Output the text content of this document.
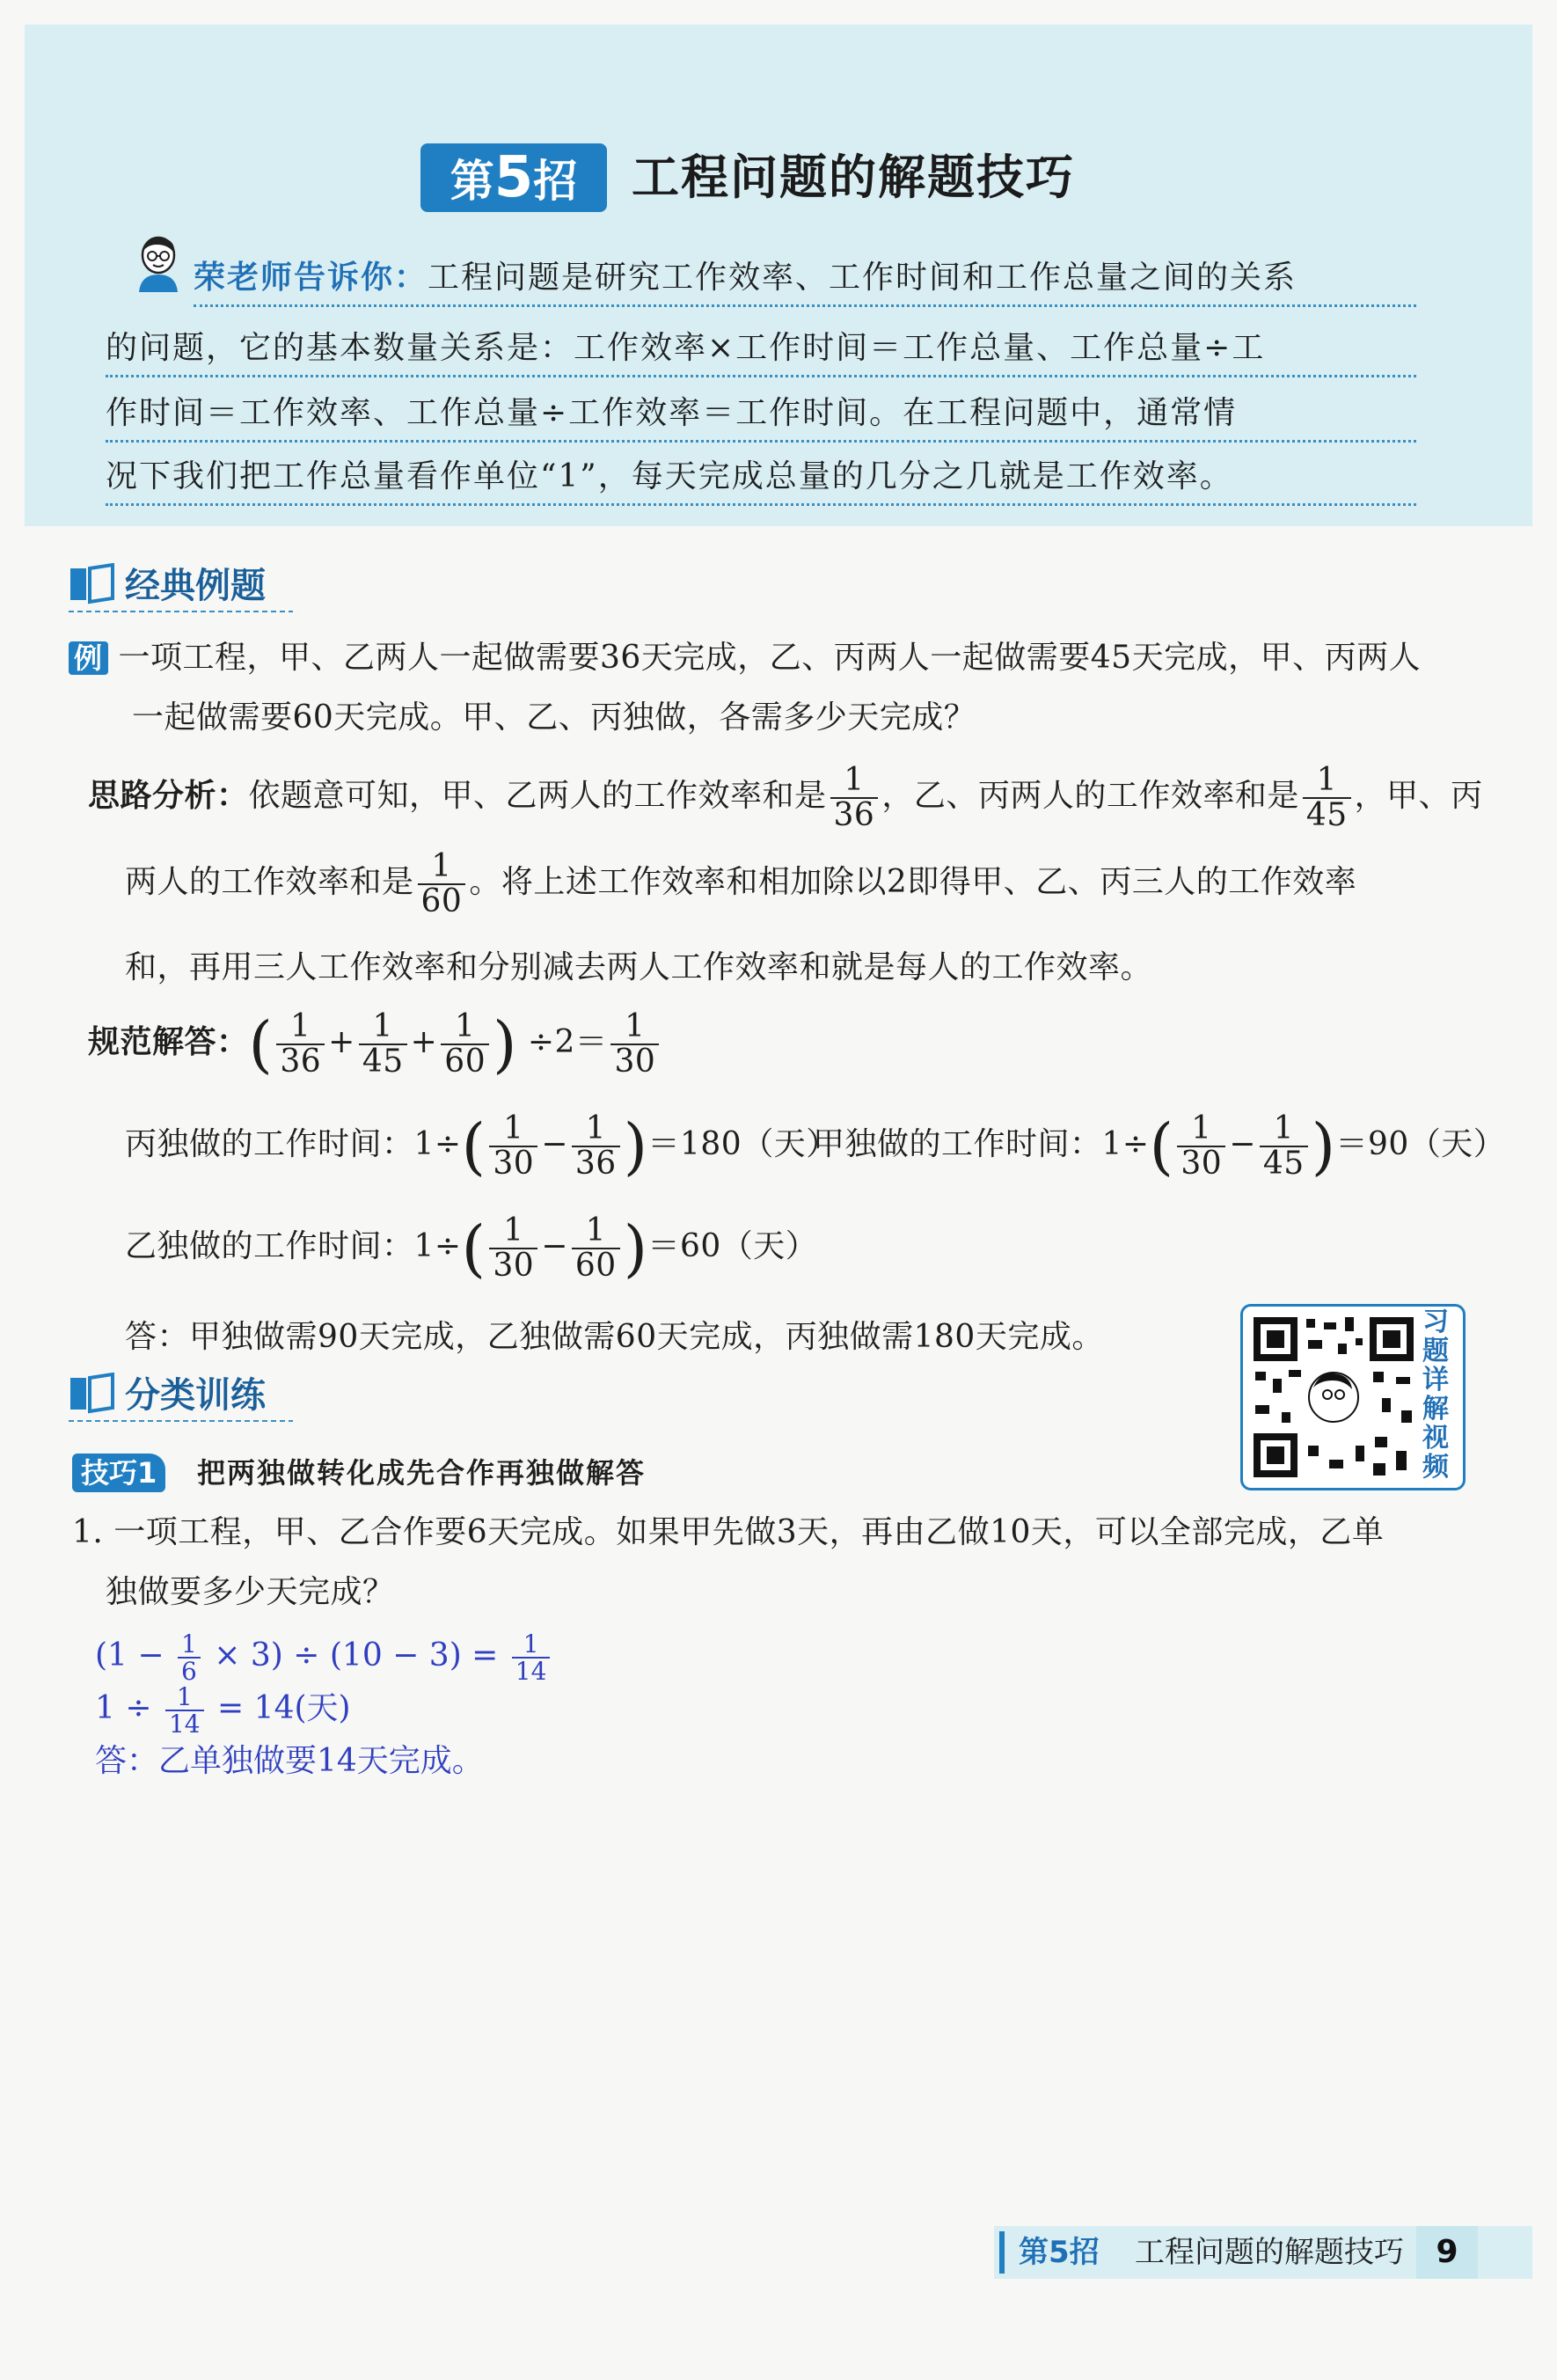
第5招	工程问题的解题技巧
荣老师告诉你：工程问题是研究工作效率、工作时间和工作总量之间的关系
的问题，它的基本数量关系是：工作效率×工作时间＝工作总量、工作总量÷工
作时间＝工作效率、工作总量÷工作效率＝工作时间。在工程问题中，通常情
况下我们把工作总量看作单位“1”，每天完成总量的几分之几就是工作效率。
经典例题
例 一项工程，甲、乙两人一起做需要36天完成，乙、丙两人一起做需要45天完成，甲、丙两人
一起做需要60天完成。甲、乙、丙独做，各需多少天完成？
思路分析：依题意可知，甲、乙两人的工作效率和是 $\frac{1}{36}$ ，乙、丙两人的工作效率和是 $\frac{1}{45}$ ，甲、丙
两人的工作效率和是 $\frac{1}{60}$ 。将上述工作效率和相加除以2即得甲、乙、丙三人的工作效率
和，再用三人工作效率和分别减去两人工作效率和就是每人的工作效率。
规范解答：( $\frac{1}{36} + \frac{1}{45} + \frac{1}{60}$ ) $\div 2= \frac{1}{30}$
丙独做的工作时间：$1\div( \frac{1}{30} - \frac{1}{36} )=180$（天）
甲独做的工作时间：$1\div( \frac{1}{30} - \frac{1}{45} )=90$（天）
乙独做的工作时间：$1\div( \frac{1}{30} - \frac{1}{60} )=60$（天）
答：甲独做需90天完成，乙独做需60天完成，丙独做需180天完成。	习题详解视频
分类训练
技巧1	把两独做转化成先合作再独做解答
1. 一项工程，甲、乙合作要6天完成。如果甲先做3天，再由乙做10天，可以全部完成，乙单
独做要多少天完成？
$(1 - \frac{1}{6} \times 3) \div (10 - 3) = \frac{1}{14}$
$1 \div \frac{1}{14} = 14$(天)
答：乙单独做要14天完成。
第5招 工程问题的解题技巧	9
